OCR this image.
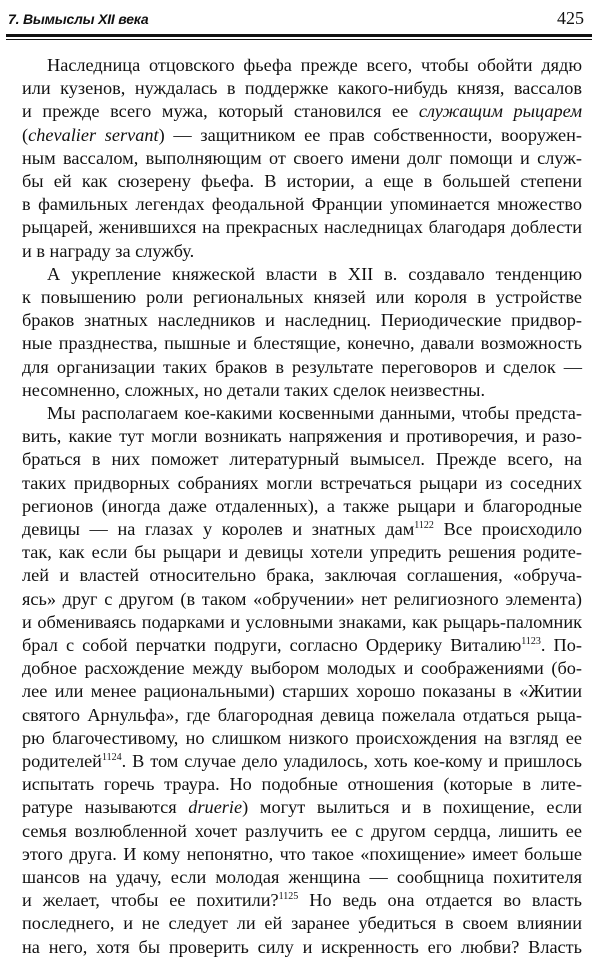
7. Вымыслы XII века	425
Наследница отцовского фьефа прежде всего, чтобы обойти дядю
или кузенов, нуждалась в поддержке какого-нибудь князя, вассалов
и прежде всего мужа, который становился ее служащим рыцарем
(chevalier servant) — защитником ее прав собственности, вооружен-
ным вассалом, выполняющим от своего имени долг помощи и служ-
бы ей как сюзерену фьефа. В истории, а еще в большей степени
в фамильных легендах феодальной Франции упоминается множество
рыцарей, женившихся на прекрасных наследницах благодаря доблести
и в награду за службу.
А укрепление княжеской власти в XII в. создавало тенденцию
к повышению роли региональных князей или короля в устройстве
браков знатных наследников и наследниц. Периодические придвор-
ные празднества, пышные и блестящие, конечно, давали возможность
для организации таких браков в результате переговоров и сделок —
несомненно, сложных, но детали таких сделок неизвестны.
Мы располагаем кое-какими косвенными данными, чтобы предста-
вить, какие тут могли возникать напряжения и противоречия, и разо-
браться в них поможет литературный вымысел. Прежде всего, на
таких придворных собраниях могли встречаться рыцари из соседних
регионов (иногда даже отдаленных), а также рыцари и благородные
девицы — на глазах у королев и знатных дам$^{1122}$ Все происходило
так, как если бы рыцари и девицы хотели упредить решения родите-
лей и властей относительно брака, заключая соглашения, «обруча-
ясь» друг с другом (в таком «обручении» нет религиозного элемента)
и обмениваясь подарками и условными знаками, как рыцарь-паломник
брал с собой перчатки подруги, согласно Ордерику Виталию$^{1123}$. По-
добное расхождение между выбором молодых и соображениями (бо-
лее или менее рациональными) старших хорошо показаны в «Житии
святого Арнульфа», где благородная девица пожелала отдаться рыца-
рю благочестивому, но слишком низкого происхождения на взгляд ее
родителей$^{1124}$. В том случае дело уладилось, хоть кое-кому и пришлось
испытать горечь траура. Но подобные отношения (которые в лите-
ратуре называются druerie) могут вылиться и в похищение, если
семья возлюбленной хочет разлучить ее с другом сердца, лишить ее
этого друга. И кому непонятно, что такое «похищение» имеет больше
шансов на удачу, если молодая женщина — сообщница похитителя
и желает, чтобы ее похитили?$^{1125}$ Но ведь она отдается во власть
последнего, и не следует ли ей заранее убедиться в своем влиянии
на него, хотя бы проверить силу и искренность его любви? Власть
